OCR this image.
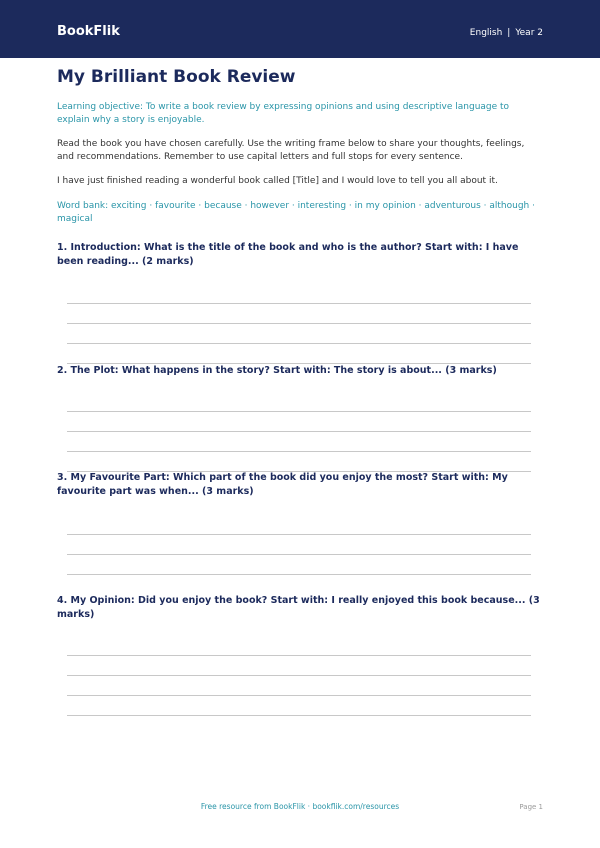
BookFlik	English | Year 2
My Brilliant Book Review

Learning objective: To write a book review by expressing opinions and using descriptive language to explain why a story is enjoyable.

Read the book you have chosen carefully. Use the writing frame below to share your thoughts, feelings, and recommendations. Remember to use capital letters and full stops for every sentence.

I have just finished reading a wonderful book called [Title] and I would love to tell you all about it.

Word bank: exciting · favourite · because · however · interesting · in my opinion · adventurous · although · magical

1. Introduction: What is the title of the book and who is the author? Start with: I have been reading... (2 marks)
2. The Plot: What happens in the story? Start with: The story is about... (3 marks)
3. My Favourite Part: Which part of the book did you enjoy the most? Start with: My favourite part was when... (3 marks)
4. My Opinion: Did you enjoy the book? Start with: I really enjoyed this book because... (3 marks)
Free resource from BookFlik · bookflik.com/resources	Page 1
